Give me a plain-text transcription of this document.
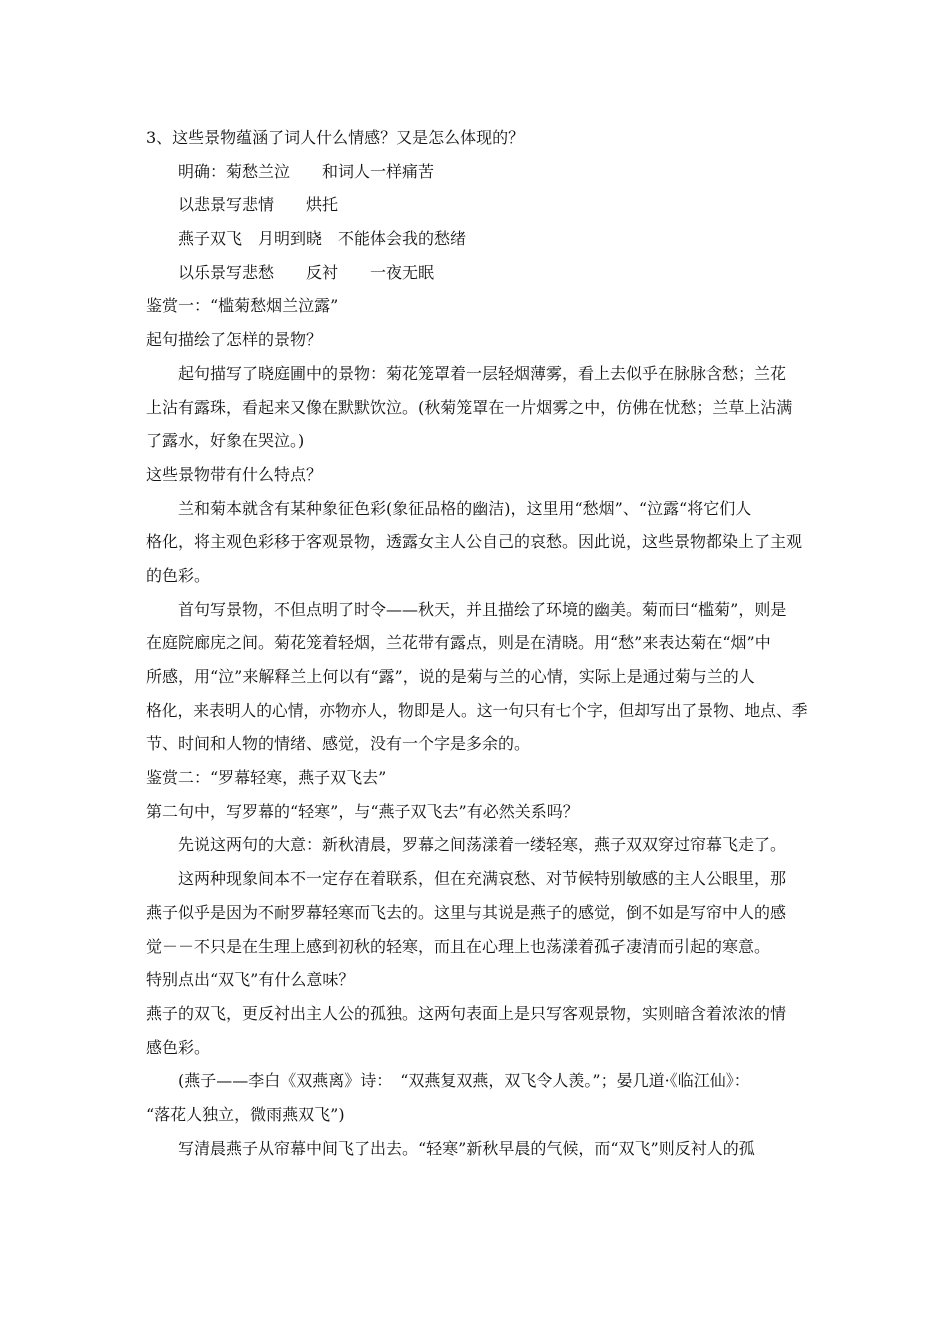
3、这些景物蕴涵了词人什么情感？又是怎么体现的？
明确：菊愁兰泣　　和词人一样痛苦
以悲景写悲情　　烘托
燕子双飞　月明到晓　不能体会我的愁绪
以乐景写悲愁　　反衬　　一夜无眠
鉴赏一：“槛菊愁烟兰泣露”
起句描绘了怎样的景物？
起句描写了晓庭圃中的景物：菊花笼罩着一层轻烟薄雾，看上去似乎在脉脉含愁；兰花
上沾有露珠，看起来又像在默默饮泣。(秋菊笼罩在一片烟雾之中，仿佛在忧愁；兰草上沾满
了露水，好象在哭泣。)
这些景物带有什么特点？
兰和菊本就含有某种象征色彩(象征品格的幽洁)，这里用“愁烟”、“泣露“将它们人
格化，将主观色彩移于客观景物，透露女主人公自己的哀愁。因此说，这些景物都染上了主观
的色彩。
首句写景物，不但点明了时令——秋天，并且描绘了环境的幽美。菊而曰“槛菊”，则是
在庭院廊庑之间。菊花笼着轻烟，兰花带有露点，则是在清晓。用“愁”来表达菊在“烟”中
所感，用“泣”来解释兰上何以有“露”，说的是菊与兰的心情，实际上是通过菊与兰的人
格化，来表明人的心情，亦物亦人，物即是人。这一句只有七个字，但却写出了景物、地点、季
节、时间和人物的情绪、感觉，没有一个字是多余的。
鉴赏二：“罗幕轻寒，燕子双飞去”
第二句中，写罗幕的“轻寒”，与“燕子双飞去”有必然关系吗？
先说这两句的大意：新秋清晨，罗幕之间荡漾着一缕轻寒，燕子双双穿过帘幕飞走了。
这两种现象间本不一定存在着联系，但在充满哀愁、对节候特别敏感的主人公眼里，那
燕子似乎是因为不耐罗幕轻寒而飞去的。这里与其说是燕子的感觉，倒不如是写帘中人的感
觉－－不只是在生理上感到初秋的轻寒，而且在心理上也荡漾着孤孑凄清而引起的寒意。
特别点出“双飞”有什么意味？
燕子的双飞，更反衬出主人公的孤独。这两句表面上是只写客观景物，实则暗含着浓浓的情
感色彩。
(燕子——李白《双燕离》诗：　“双燕复双燕，双飞令人羡。”；晏几道·《临江仙》：
“落花人独立，微雨燕双飞”)
写清晨燕子从帘幕中间飞了出去。“轻寒”新秋早晨的气候，而“双飞”则反衬人的孤
